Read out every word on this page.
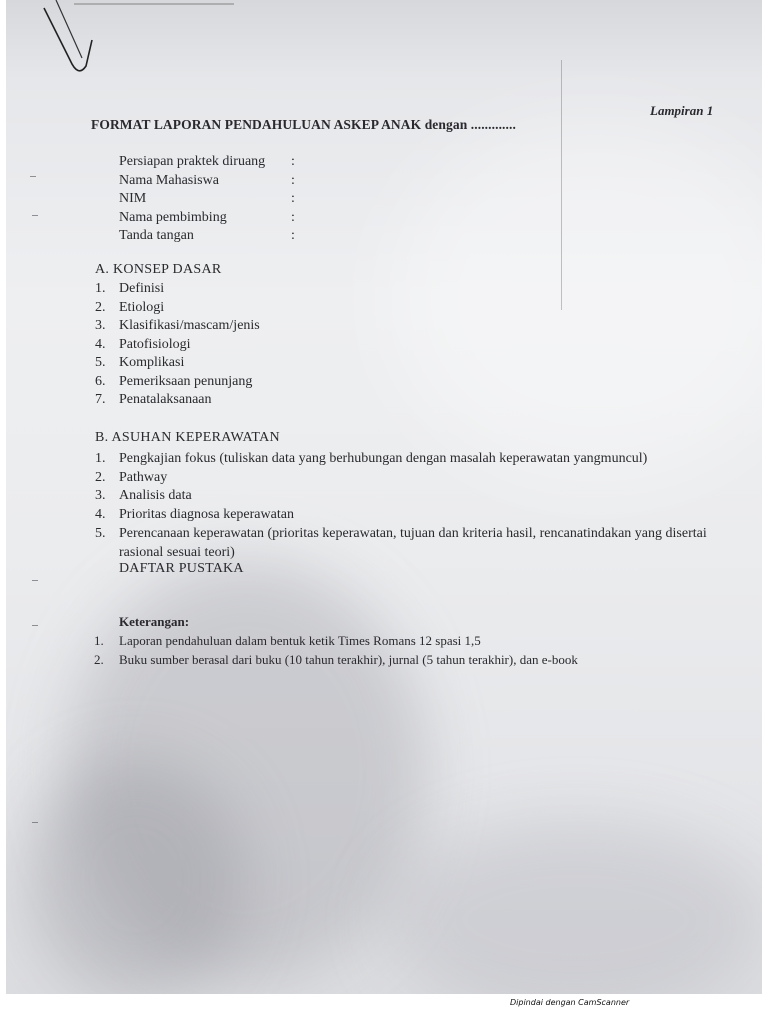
Lampiran 1
FORMAT LAPORAN PENDAHULUAN ASKEP ANAK dengan .............
Persiapan praktek diruang :
Nama Mahasiswa	:
NIM	:
Nama pembimbing	:
Tanda tangan	:
A. KONSEP DASAR
1. Definisi
2. Etiologi
3. Klasifikasi/mascam/jenis
4. Patofisiologi
5. Komplikasi
6. Pemeriksaan penunjang
7. Penatalaksanaan
B. ASUHAN KEPERAWATAN
1. Pengkajian fokus (tuliskan data yang berhubungan dengan masalah keperawatan yangmuncul)
2. Pathway
3. Analisis data
4. Prioritas diagnosa keperawatan
5. Perencanaan keperawatan (prioritas keperawatan, tujuan dan kriteria hasil, rencanatindakan yang disertai rasional sesuai teori)
DAFTAR PUSTAKA
Keterangan:
1. Laporan pendahuluan dalam bentuk ketik Times Romans 12 spasi 1,5
2. Buku sumber berasal dari buku (10 tahun terakhir), jurnal (5 tahun terakhir), dan e-book
Dipindai dengan CamScanner
